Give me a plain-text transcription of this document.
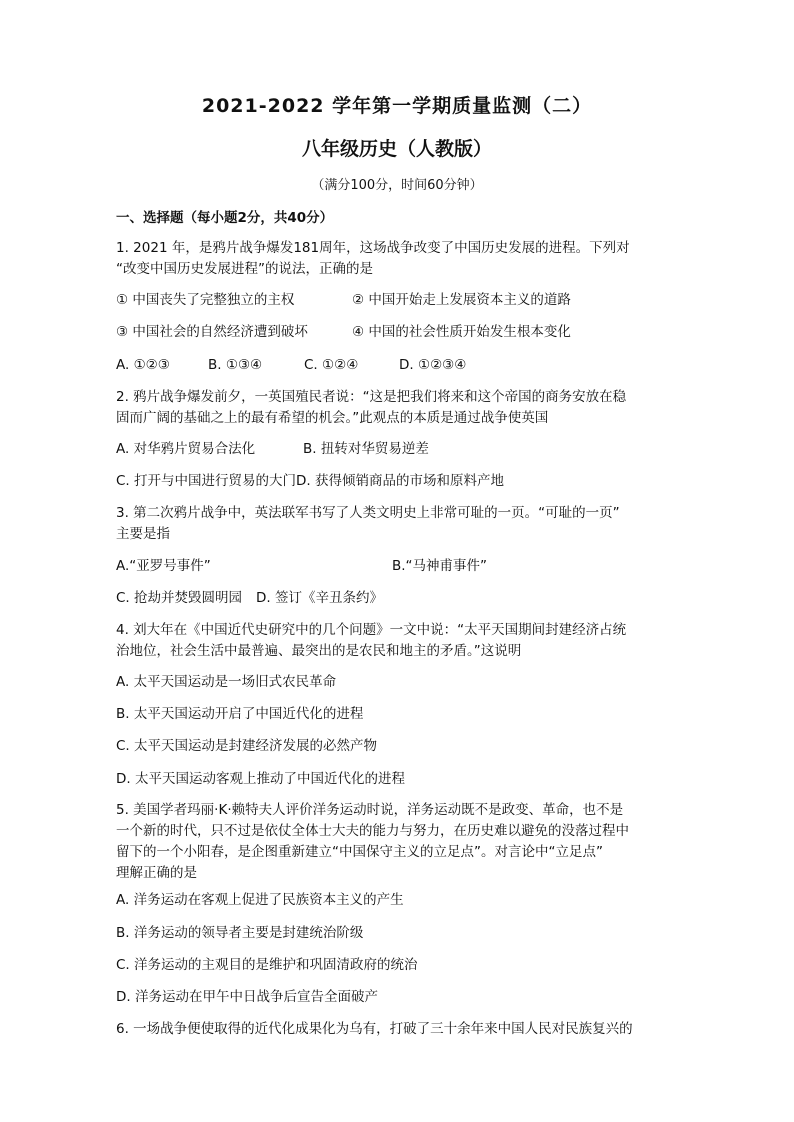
2021-2022 学年第一学期质量监测（二）
八年级历史（人教版）
（满分100分，时间60分钟）
一、选择题（每小题2分，共40分）
1. 2021 年，是鸦片战争爆发181周年，这场战争改变了中国历史发展的进程。下列对
“改变中国历史发展进程”的说法，正确的是
① 中国丧失了完整独立的主权	② 中国开始走上发展资本主义的道路
③ 中国社会的自然经济遭到破坏	④ 中国的社会性质开始发生根本变化
A. ①②③	B. ①③④	C. ①②④	D. ①②③④
2. 鸦片战争爆发前夕，一英国殖民者说：“这是把我们将来和这个帝国的商务安放在稳
固而广阔的基础之上的最有希望的机会。”此观点的本质是通过战争使英国
A. 对华鸦片贸易合法化	B. 扭转对华贸易逆差
C. 打开与中国进行贸易的大门D. 获得倾销商品的市场和原料产地
3. 第二次鸦片战争中，英法联军书写了人类文明史上非常可耻的一页。“可耻的一页”
主要是指
A.“亚罗号事件”	B.“马神甫事件”
C. 抢劫并焚毁圆明园 D. 签订《辛丑条约》
4. 刘大年在《中国近代史研究中的几个问题》一文中说：“太平天国期间封建经济占统
治地位，社会生活中最普遍、最突出的是农民和地主的矛盾。”这说明
A. 太平天国运动是一场旧式农民革命
B. 太平天国运动开启了中国近代化的进程
C. 太平天国运动是封建经济发展的必然产物
D. 太平天国运动客观上推动了中国近代化的进程
5. 美国学者玛丽·K·赖特夫人评价洋务运动时说，洋务运动既不是政变、革命，也不是
一个新的时代，只不过是依仗全体士大夫的能力与努力，在历史难以避免的没落过程中
留下的一个小阳春，是企图重新建立“中国保守主义的立足点”。对言论中“立足点”
理解正确的是
A. 洋务运动在客观上促进了民族资本主义的产生
B. 洋务运动的领导者主要是封建统治阶级
C. 洋务运动的主观目的是维护和巩固清政府的统治
D. 洋务运动在甲午中日战争后宣告全面破产
6. 一场战争便使取得的近代化成果化为乌有，打破了三十余年来中国人民对民族复兴的
